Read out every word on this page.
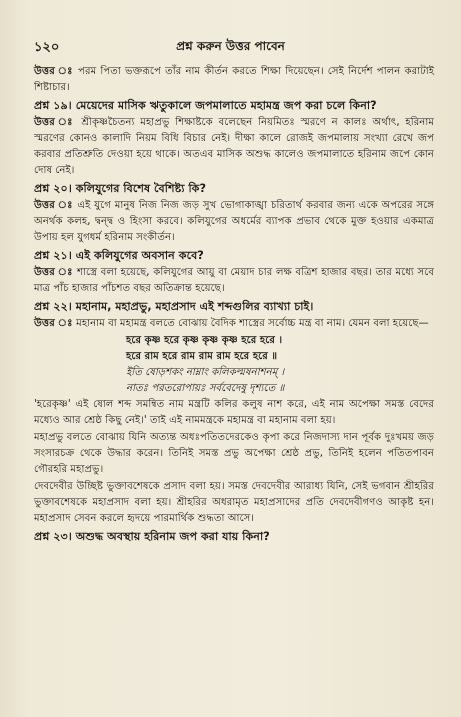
১২০	প্রশ্ন করুন উত্তর পাবেন
উত্তর ঃ পরম পিতা ভক্তরূপে তাঁর নাম কীর্তন করতে শিক্ষা দিয়েছেন। সেই নির্দেশ পালন করাটাই শিষ্টাচার।
প্রশ্ন ১৯। মেয়েদের মাসিক ঋতুকালে জপমালাতে মহামন্ত্র জপ করা চলে কিনা?
উত্তর ঃ শ্রীকৃষ্ণচৈতন্য মহাপ্রভু শিক্ষাষ্টকে বলেছেন নিয়মিতঃ স্মরণে ন কালঃ অর্থাৎ, হরিনাম স্মরণের কোনও কালাদি নিয়ম বিধি বিচার নেই। দীক্ষা কালে রোজই জপমালায় সংখ্যা রেখে জপ করবার প্রতিশ্রুতি দেওয়া হয়ে থাকে। অতএব মাসিক অশুদ্ধ কালেও জপমালাতে হরিনাম জপে কোন দোষ নেই।
প্রশ্ন ২০। কলিযুগের বিশেষ বৈশিষ্ট্য কি?
উত্তর ঃ এই যুগে মানুষ নিজ নিজ জড় সুখ ভোগাকাঙ্খা চরিতার্থ করবার জন্য একে অপরের সঙ্গে অনর্থক কলহ, দ্বন্দ্ব ও হিংসা করবে। কলিযুগের অধর্মের ব্যাপক প্রভাব থেকে মুক্ত হওয়ার একমাত্র উপায় হল যুগধর্ম হরিনাম সংকীর্তন।
প্রশ্ন ২১। এই কলিযুগের অবসান কবে?
উত্তর ঃ শাস্ত্রে বলা হয়েছে, কলিযুগের আয়ু বা মেয়াদ চার লক্ষ বত্রিশ হাজার বছর। তার মধ্যে সবে মাত্র পাঁচ হাজার পাঁচশত বছর অতিক্রান্ত হয়েছে।
প্রশ্ন ২২। মহানাম, মহাপ্রভু, মহাপ্রসাদ এই শব্দগুলির ব্যাখ্যা চাই।
উত্তর ঃ মহানাম বা মহামন্ত্র বলতে বোঝায় বৈদিক শাস্ত্রের সর্বোচ্চ মন্ত্র বা নাম। যেমন বলা হয়েছে—
হরে কৃষ্ণ হরে কৃষ্ণ কৃষ্ণ কৃষ্ণ হরে হরে ।
হরে রাম হরে রাম রাম রাম হরে হরে ॥
ইতি ষোড়শকং নাম্নাং কলিকল্মষনাশনম্ ।
নাতঃ পরতরোপায়ঃ সর্ববেদেষু দৃশ্যতে ॥
'হরেকৃষ্ণ' এই ষোল শব্দ সমন্বিত নাম মন্ত্রটি কলির কলুষ নাশ করে, এই নাম অপেক্ষা সমস্ত বেদের মধ্যেও আর শ্রেষ্ঠ কিছু নেই।' তাই এই নামমন্ত্রকে মহামন্ত্র বা মহানাম বলা হয়।
মহাপ্রভু বলতে বোঝায় যিনি অত্যন্ত অধঃপতিতদেরকেও কৃপা করে নিজদাস্য দান পূর্বক দুঃখময় জড় সংসারচক্র থেকে উদ্ধার করেন। তিনিই সমস্ত প্রভু অপেক্ষা শ্রেষ্ঠ প্রভু, তিনিই হলেন পতিতপাবন গৌরহরি মহাপ্রভু।
দেবদেবীর উচ্ছিষ্ট ভুক্তাবশেষকে প্রসাদ বলা হয়। সমস্ত দেবদেবীর আরাধ্য যিনি, সেই ভগবান শ্রীহরির ভুক্তাবশেষকে মহাপ্রসাদ বলা হয়। শ্রীহরির অধরামৃত মহাপ্রসাদের প্রতি দেবদেবীগণও আকৃষ্ট হন। মহাপ্রসাদ সেবন করলে হৃদয়ে পারমার্থিক শুদ্ধতা আসে।
প্রশ্ন ২৩। অশুদ্ধ অবস্থায় হরিনাম জপ করা যায় কিনা?
